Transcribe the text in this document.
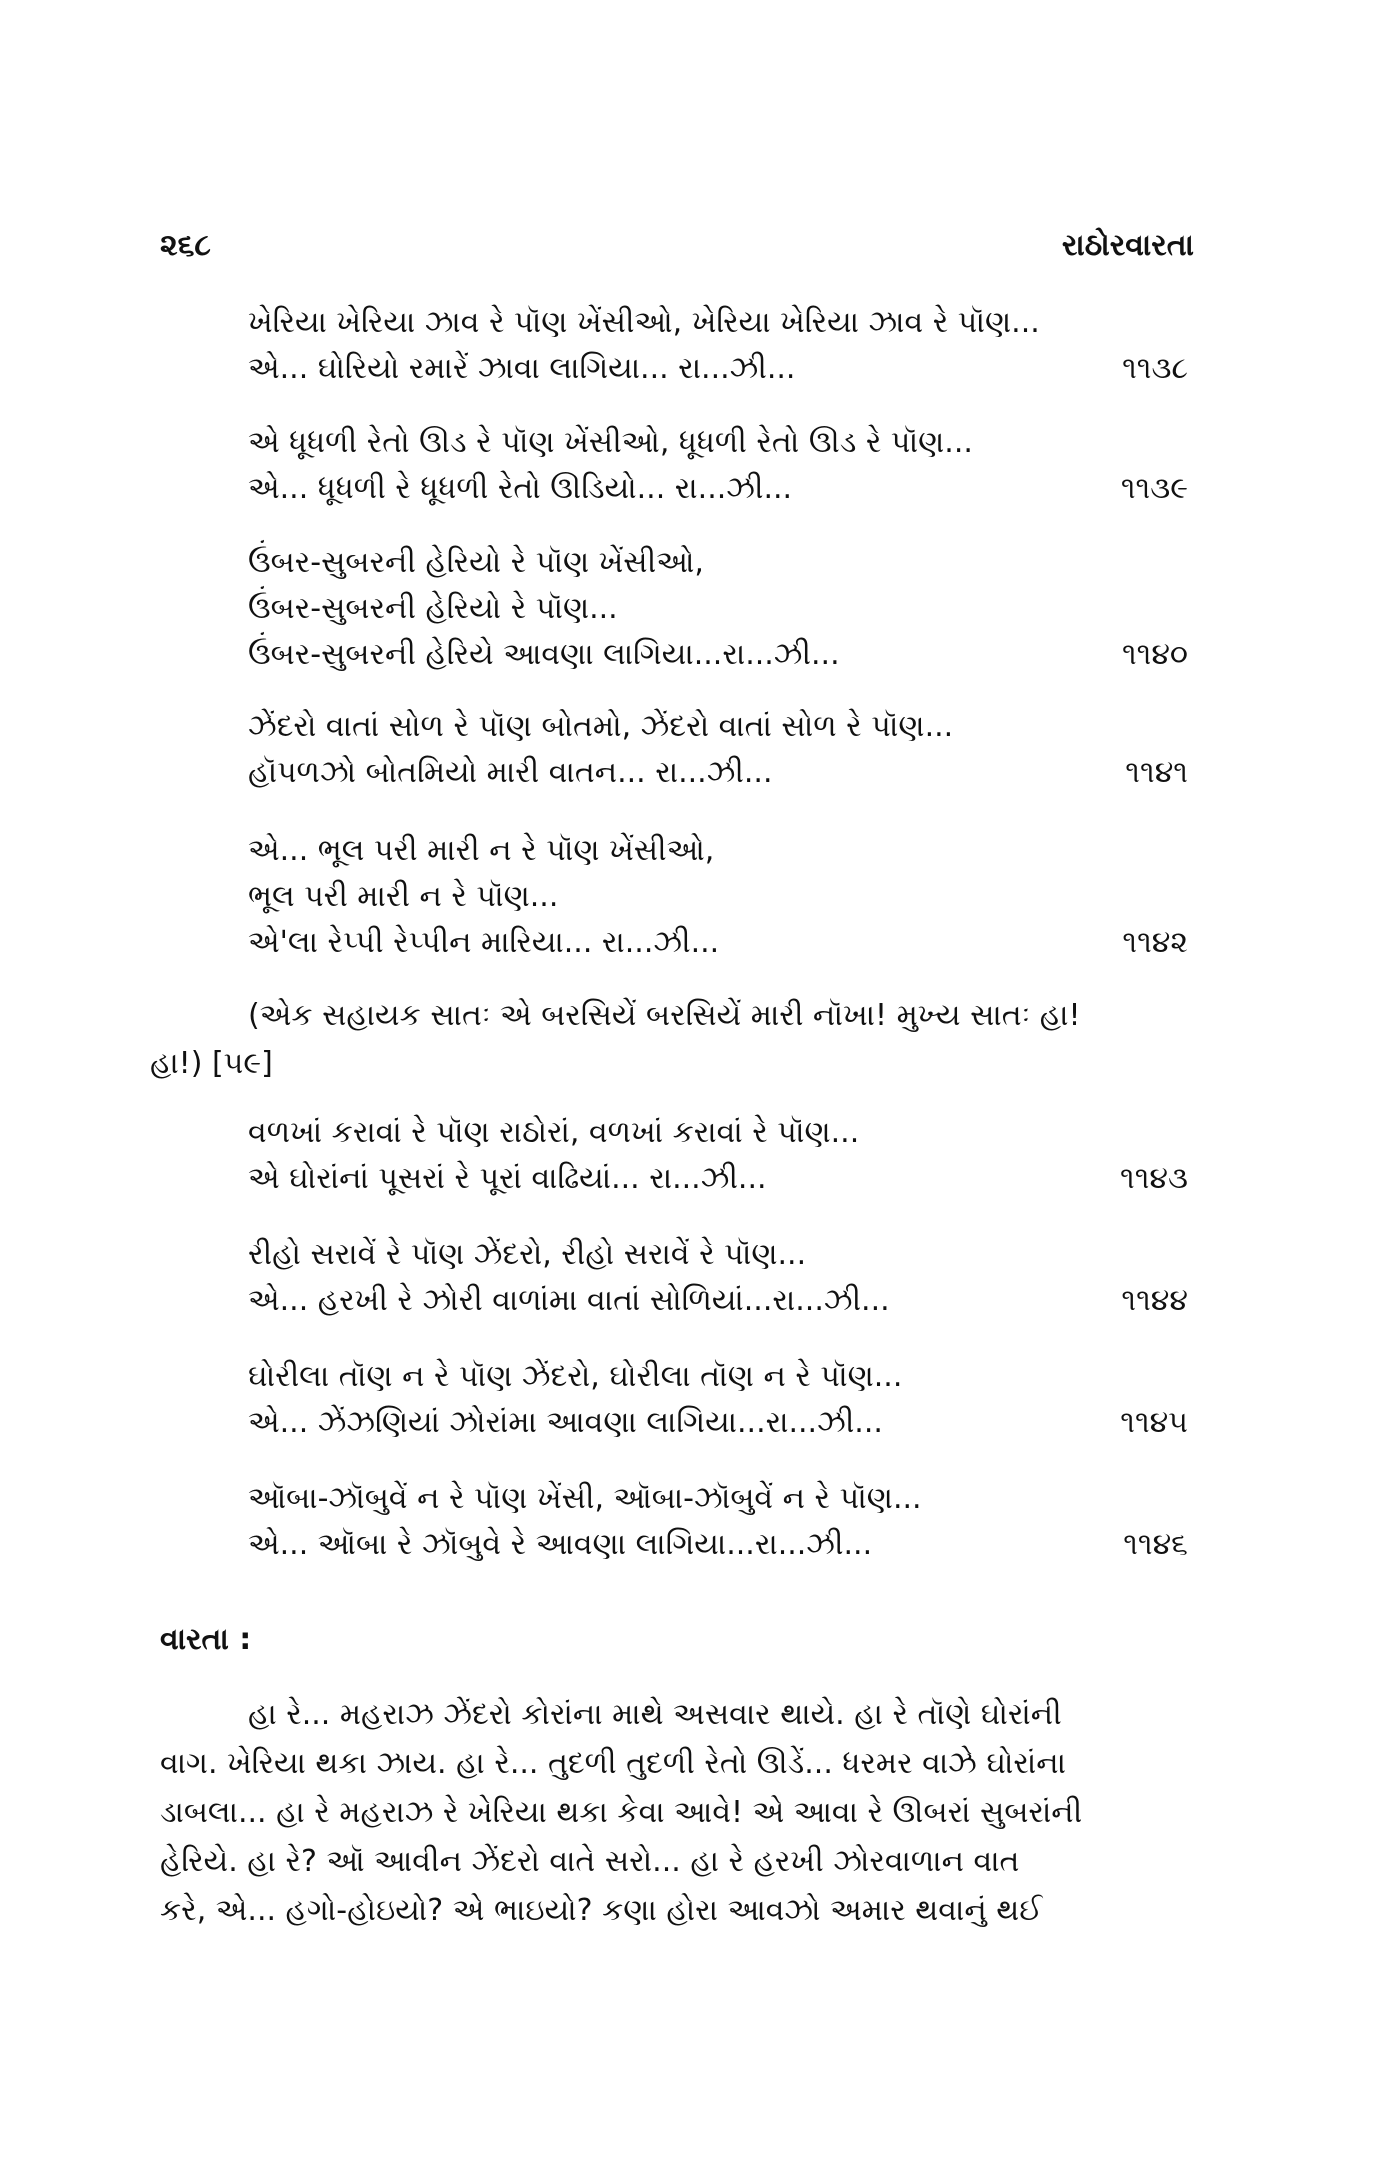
૨૬૮	રાઠોરવારતા
ખેરિયા ખેરિયા ઝાવ રે પૉણ ખેંસીઓ, ખેરિયા ખેરિયા ઝાવ રે પૉણ...
એ... ઘોરિયો રમારેં ઝાવા લાગિયા... રા...ઝી...	૧૧૩૮
એ ધૂધળી રેતો ઊડ રે પૉણ ખેંસીઓ, ધૂધળી રેતો ઊડ રે પૉણ...
એ... ધૂધળી રે ધૂધળી રેતો ઊડિયો... રા...ઝી...	૧૧૩૯
ઉંબર-સુબરની હેરિયો રે પૉણ ખેંસીઓ,
ઉંબર-સુબરની હેરિયો રે પૉણ...
ઉંબર-સુબરની હેરિયે આવણા લાગિયા...રા...ઝી...	૧૧૪૦
ઝેંદરો વાતાં સોળ રે પૉણ બોતમો, ઝેંદરો વાતાં સોળ રે પૉણ...
હૉપળઝો બોતમિયો મારી વાતન... રા...ઝી...	૧૧૪૧
એ... ભૂલ પરી મારી ન રે પૉણ ખેંસીઓ,
ભૂલ પરી મારી ન રે પૉણ...
એ'લા રેપ્પી રેપ્પીન મારિયા... રા...ઝી...	૧૧૪૨
(એક સહાયક સાતઃ એ બરસિયેં બરસિયેં મારી નૉખા! મુખ્ય સાતઃ હા!
હા!) [૫૯]
વળખાં કરાવાં રે પૉણ રાઠોરાં, વળખાં કરાવાં રે પૉણ...
એ ઘોરાંનાં પૂસરાં રે પૂરાં વાઢિયાં... રા...ઝી...	૧૧૪૩
રીહો સરાવેં રે પૉણ ઝેંદરો, રીહો સરાવેં રે પૉણ...
એ... હરખી રે ઝોરી વાળાંમા વાતાં સોળિયાં...રા...ઝી...	૧૧૪૪
ઘોરીલા તૉણ ન રે પૉણ ઝેંદરો, ઘોરીલા તૉણ ન રે પૉણ...
એ... ઝેંઝણિયાં ઝોરાંમા આવણા લાગિયા...રા...ઝી...	૧૧૪૫
ઑબા-ઝૉબુવેં ન રે પૉણ ખેંસી, ઑબા-ઝૉબુવેં ન રે પૉણ...
એ... ઑબા રે ઝૉબુવે રે આવણા લાગિયા...રા...ઝી...	૧૧૪૬
વારતા :
હા રે... મહરાઝ ઝેંદરો કોરાંના માથે અસવાર થાયે. હા રે તૉણે ઘોરાંની
વાગ. ખેરિયા થકા ઝાય. હા રે... તુદળી તુદળી રેતો ઊડેં... ધરમર વાઝે ઘોરાંના
ડાબલા... હા રે મહરાઝ રે ખેરિયા થકા કેવા આવે! એ આવા રે ઊબરાં સુબરાંની
હેરિયે. હા રે? ઑ આવીન ઝેંદરો વાતે સરો... હા રે હરખી ઝોરવાળાન વાત
કરે, એ... હગો-હોઇયો? એ ભાઇયો? કણા હોરા આવઝો અમાર થવાનું થઈ
